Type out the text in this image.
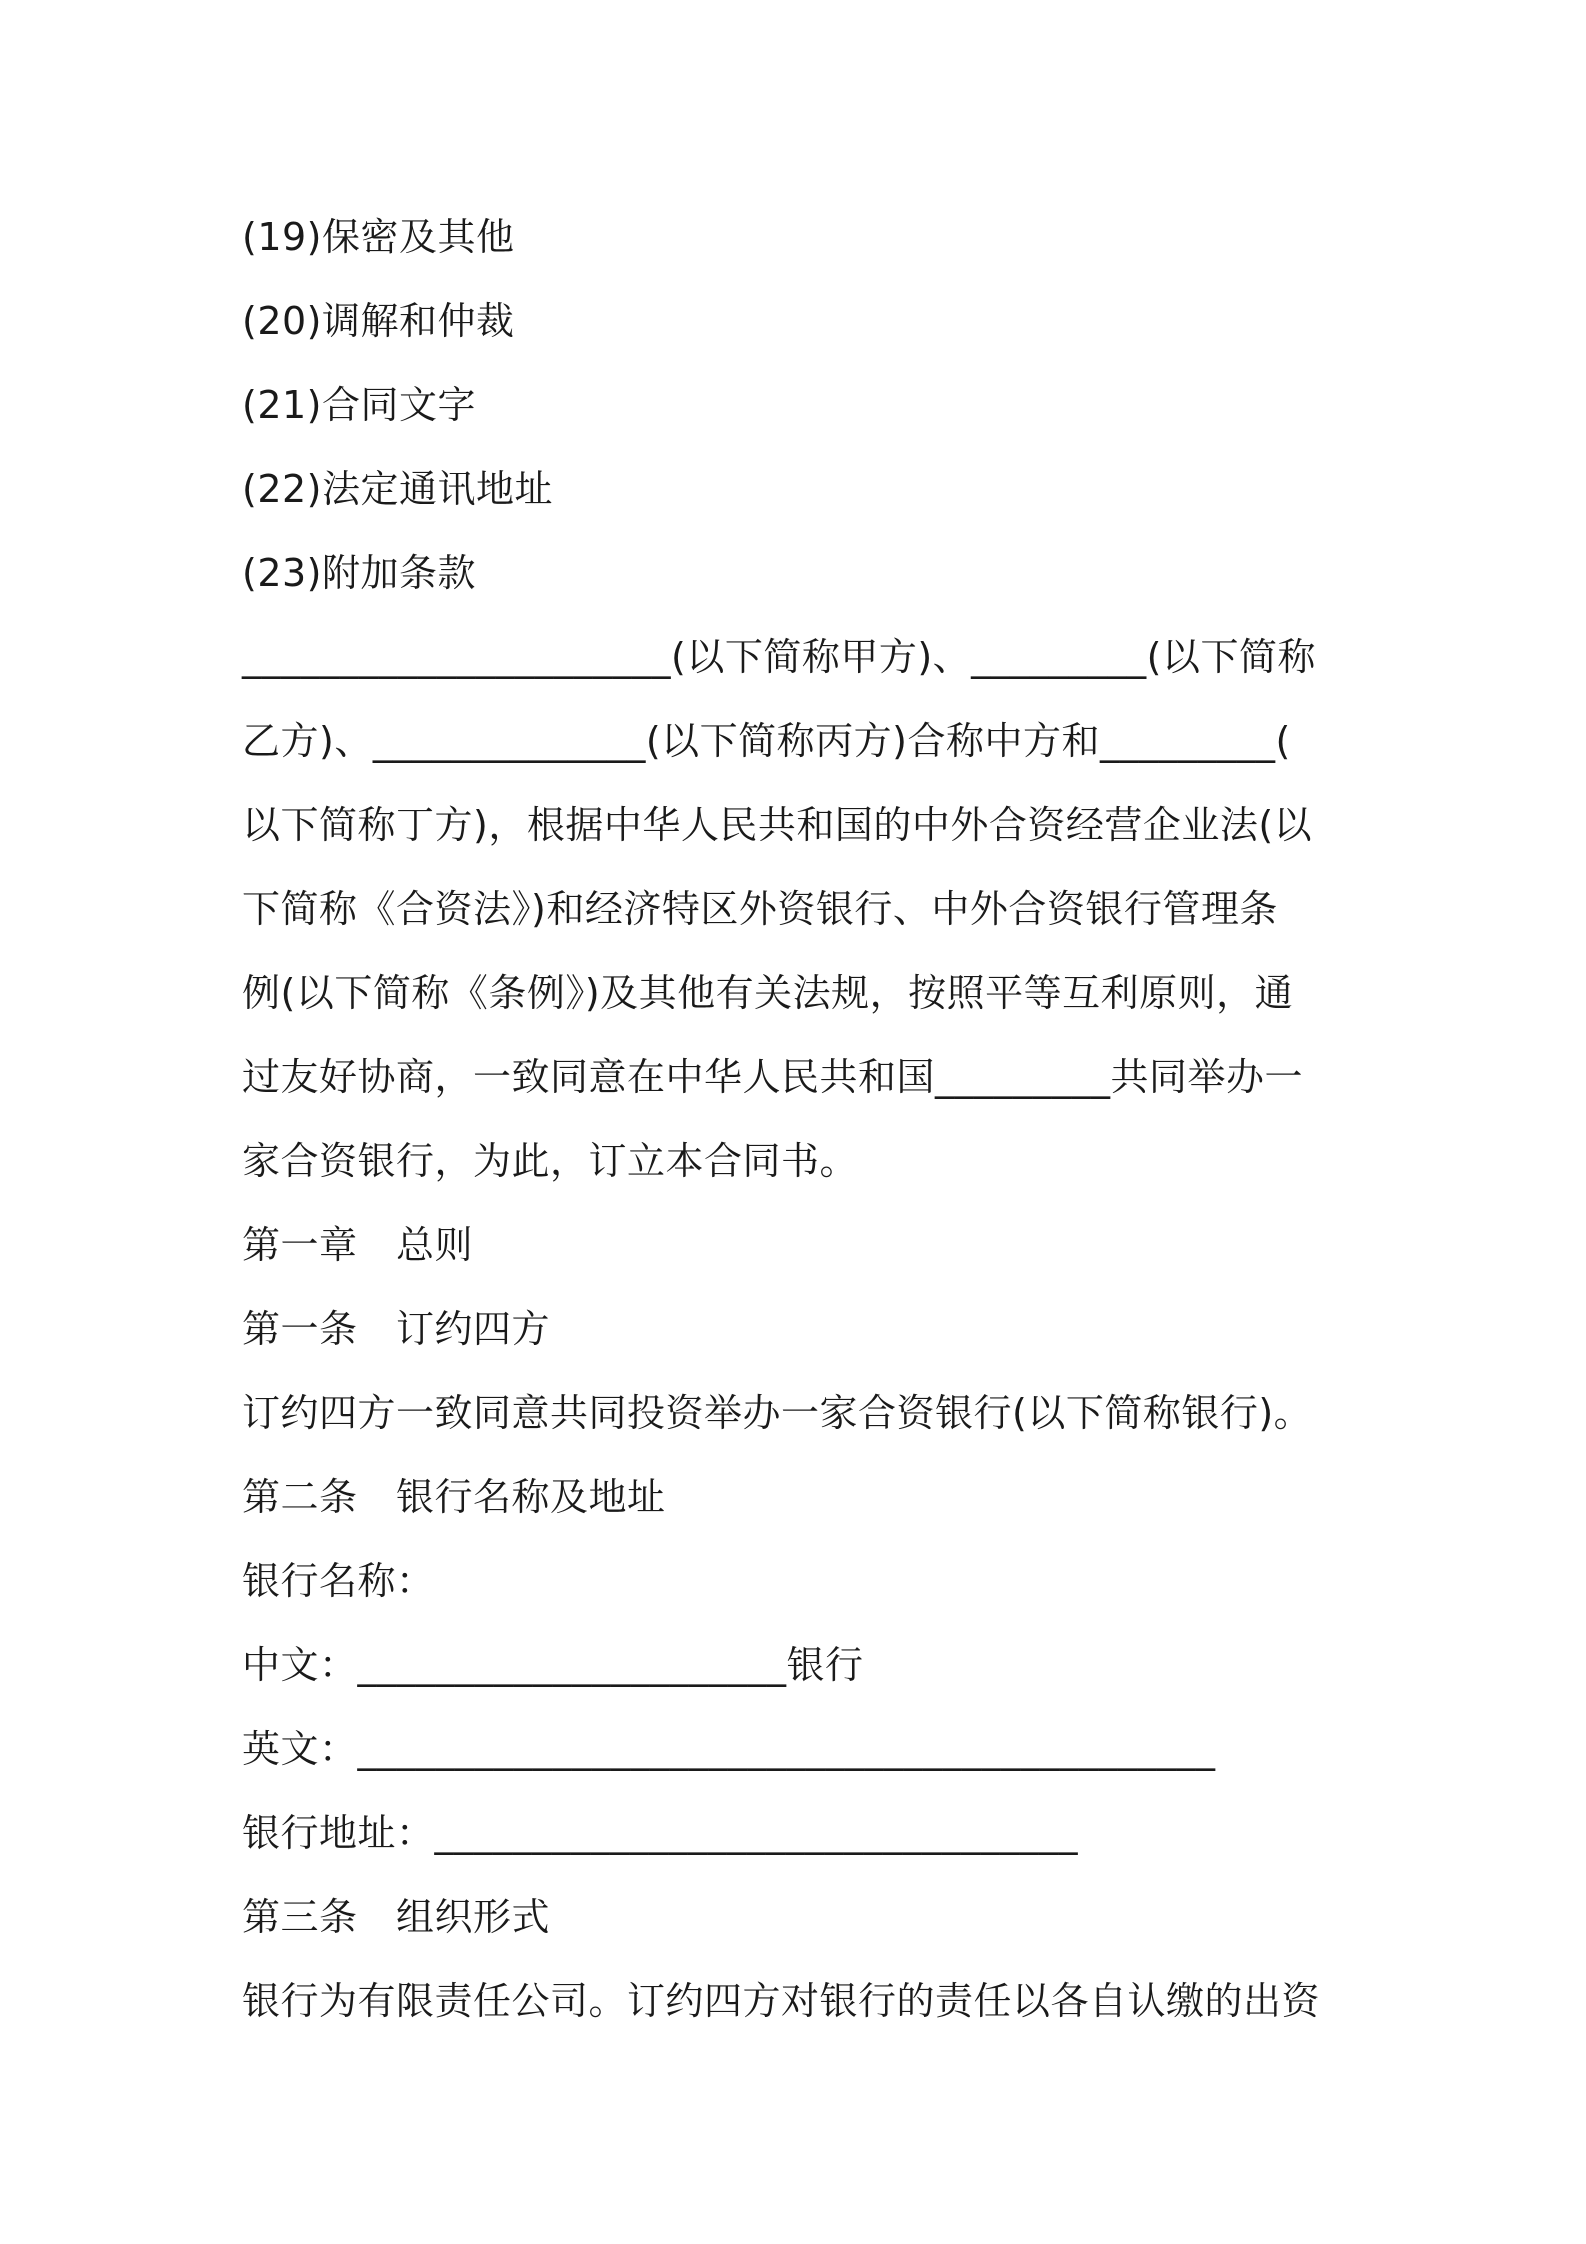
(19)保密及其他
(20)调解和仲裁
(21)合同文字
(22)法定通讯地址
(23)附加条款
______________________(以下简称甲方)、_________(以下简称
乙方)、______________(以下简称丙方)合称中方和_________(
以下简称丁方)，根据中华人民共和国的中外合资经营企业法(以
下简称《合资法》)和经济特区外资银行、中外合资银行管理条
例(以下简称《条例》)及其他有关法规，按照平等互利原则，通
过友好协商，一致同意在中华人民共和国_________共同举办一
家合资银行，为此，订立本合同书。
第一章　总则
第一条　订约四方
订约四方一致同意共同投资举办一家合资银行(以下简称银行)。
第二条　银行名称及地址
银行名称：
中文：______________________银行
英文：____________________________________________
银行地址：_________________________________
第三条　组织形式
银行为有限责任公司。订约四方对银行的责任以各自认缴的出资
